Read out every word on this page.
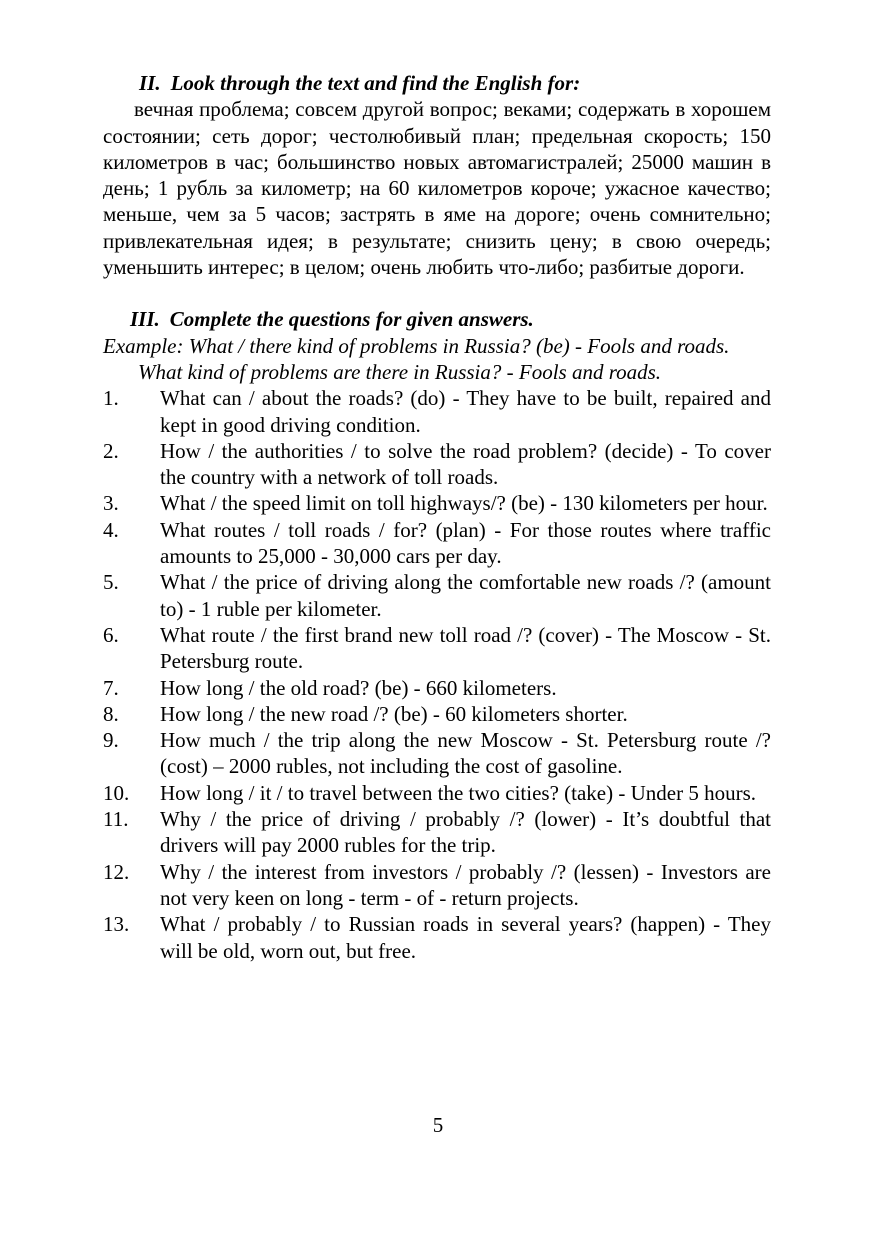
II. Look through the text and find the English for:

вечная проблема; совсем другой вопрос; веками; содержать в хорошем состоянии; сеть дорог; честолюбивый план; предельная скорость; 150 километров в час; большинство новых автомагистралей; 25000 машин в день; 1 рубль за километр; на 60 километров короче; ужасное качество; меньше, чем за 5 часов; застрять в яме на дороге; очень сомнительно; привлекательная идея; в результате; снизить цену; в свою очередь; уменьшить интерес; в целом; очень любить что-либо; разбитые дороги.

III. Complete the questions for given answers.

Example: What / there kind of problems in Russia? (be) - Fools and roads.

What kind of problems are there in Russia? - Fools and roads.

1. What can / about the roads? (do) - They have to be built, repaired and kept in good driving condition.
2. How / the authorities / to solve the road problem? (decide) - To cover the country with a network of toll roads.
3. What / the speed limit on toll highways/? (be) - 130 kilometers per hour.
4. What routes / toll roads / for? (plan) - For those routes where traffic amounts to 25,000 - 30,000 cars per day.
5. What / the price of driving along the comfortable new roads /? (amount to) - 1 ruble per kilometer.
6. What route / the first brand new toll road /? (cover) - The Moscow - St. Petersburg route.
7. How long / the old road? (be) - 660 kilometers.
8. How long / the new road /? (be) - 60 kilometers shorter.
9. How much / the trip along the new Moscow - St. Petersburg route /? (cost) – 2000 rubles, not including the cost of gasoline.
10. How long / it / to travel between the two cities? (take) - Under 5 hours.
11. Why / the price of driving / probably /? (lower) - It’s doubtful that drivers will pay 2000 rubles for the trip.
12. Why / the interest from investors / probably /? (lessen) - Investors are not very keen on long - term - of - return projects.
13. What / probably / to Russian roads in several years? (happen) - They will be old, worn out, but free.
5
